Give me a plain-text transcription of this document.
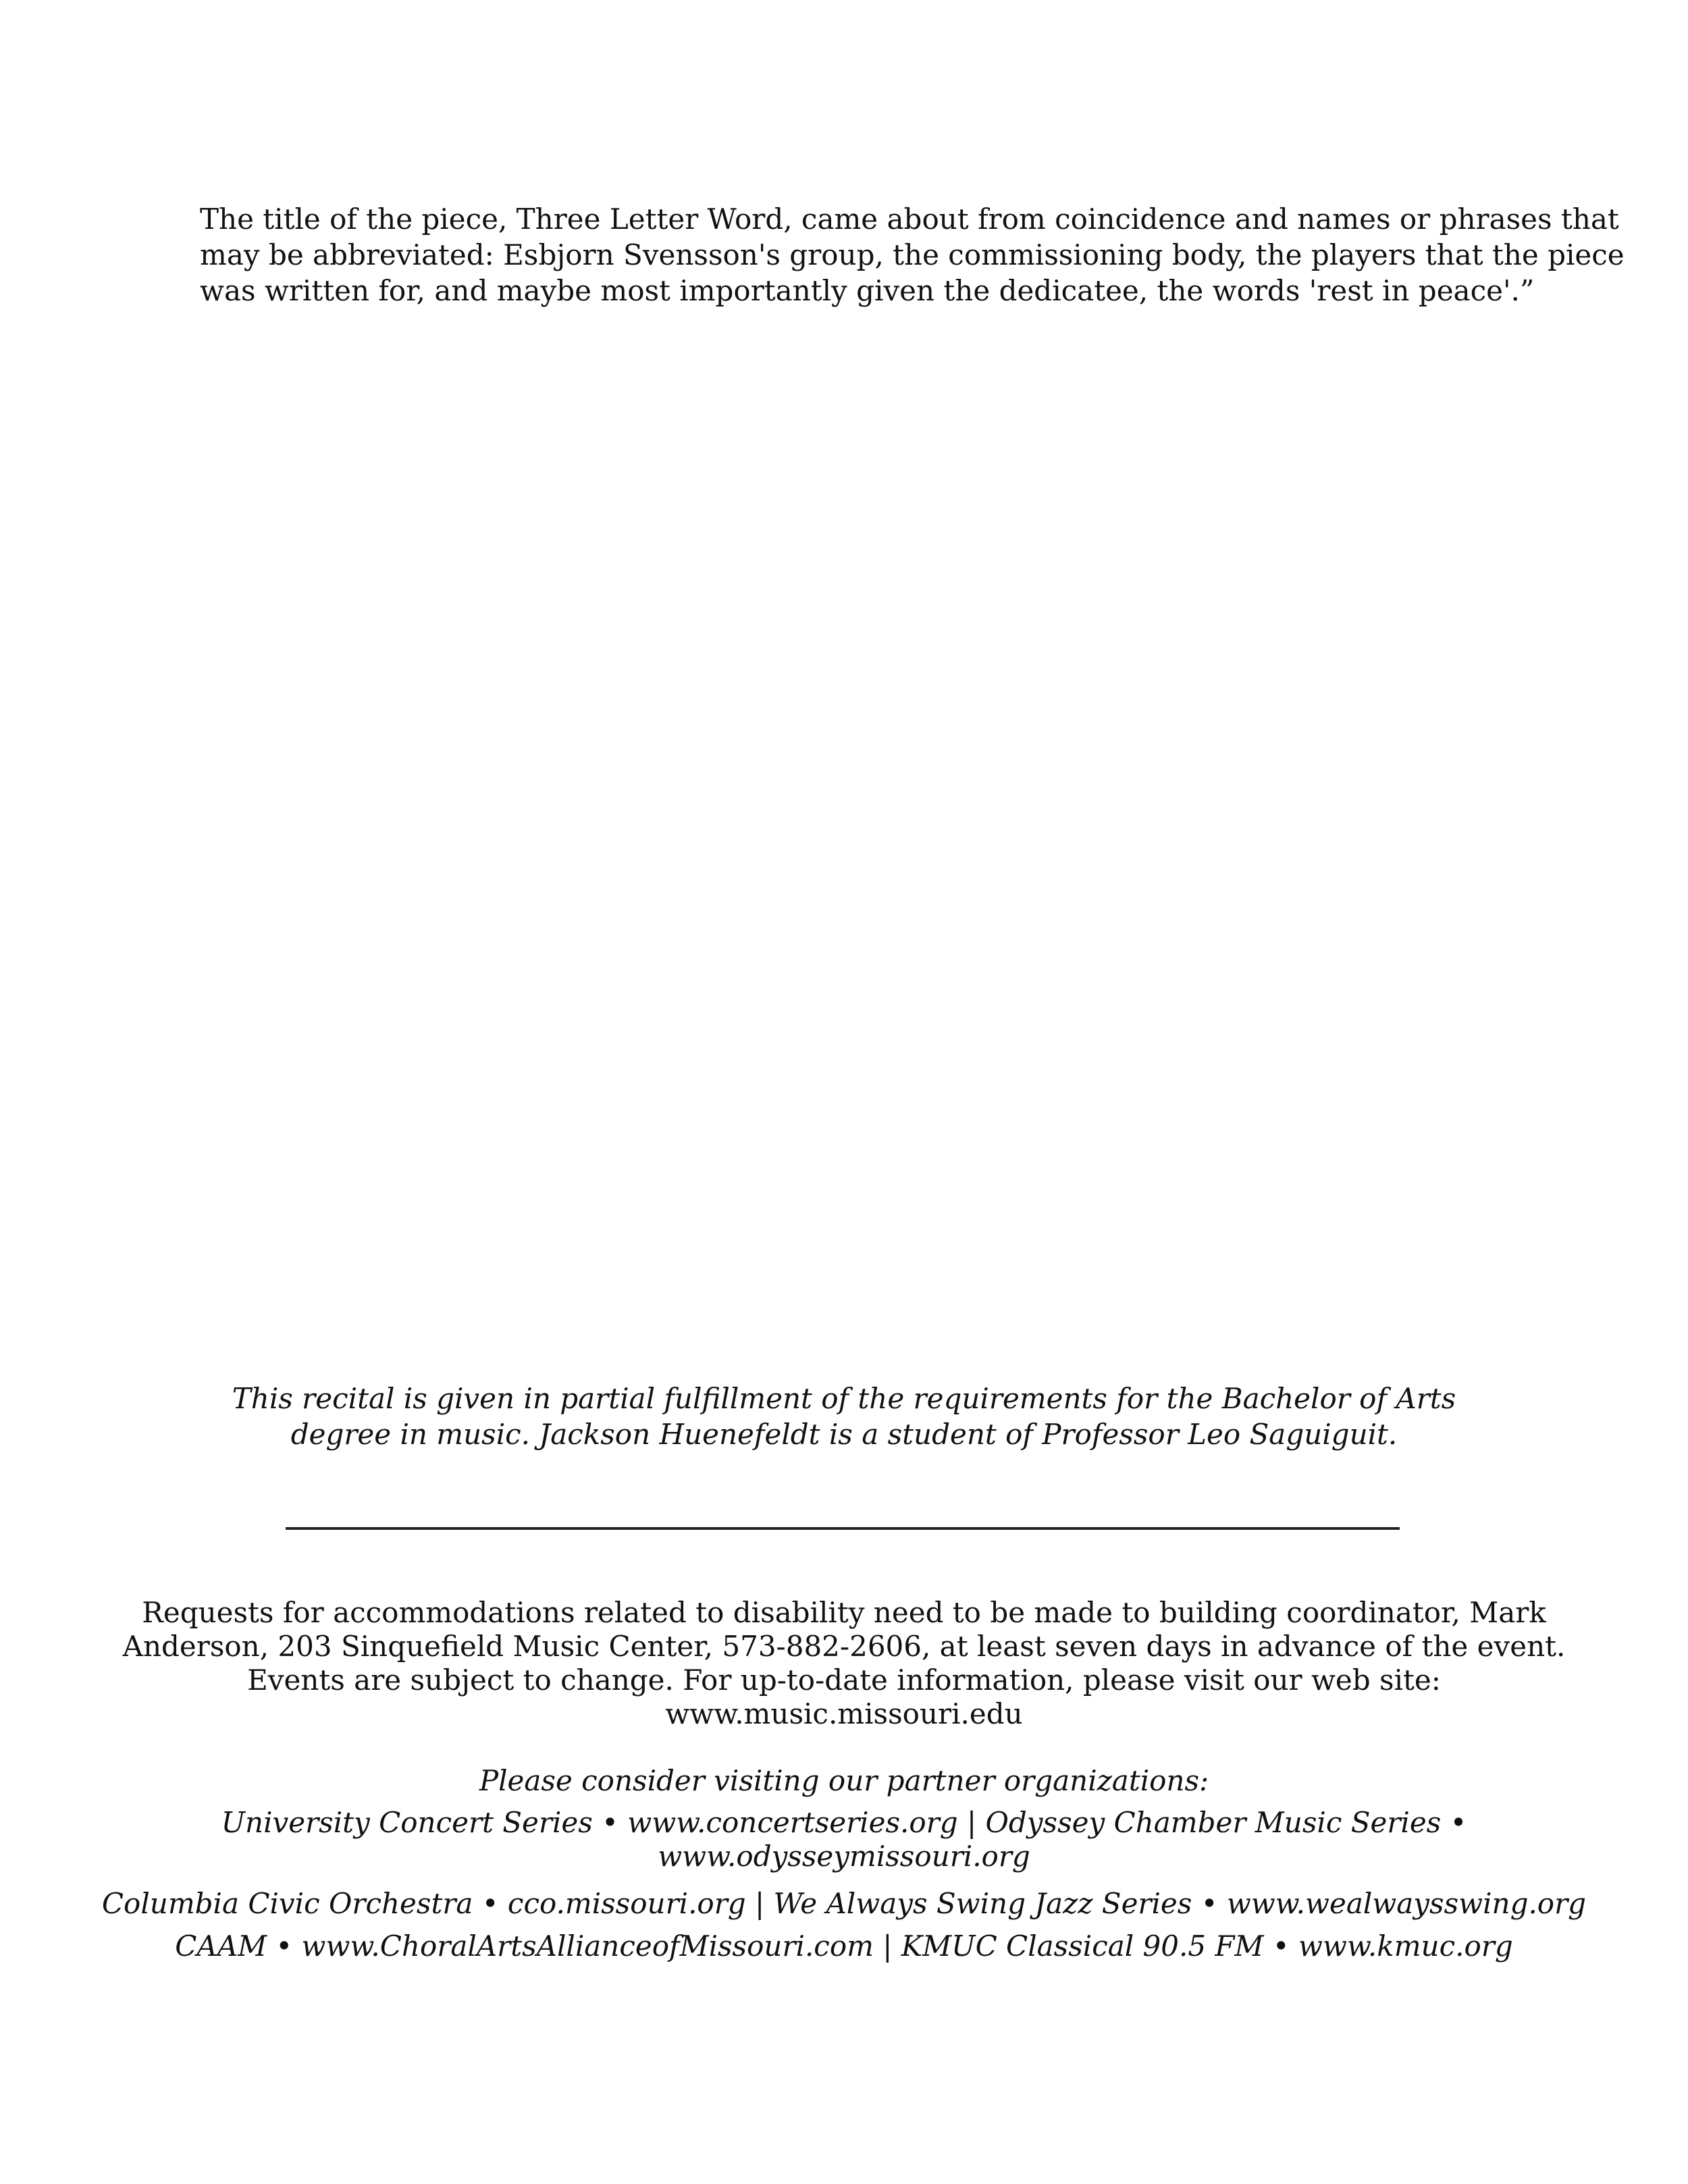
The title of the piece, Three Letter Word, came about from coincidence and names or phrases that
may be abbreviated: Esbjorn Svensson's group, the commissioning body, the players that the piece
was written for, and maybe most importantly given the dedicatee, the words 'rest in peace'.”
This recital is given in partial fulfillment of the requirements for the Bachelor of Arts
degree in music. Jackson Huenefeldt is a student of Professor Leo Saguiguit.
Requests for accommodations related to disability need to be made to building coordinator, Mark
Anderson, 203 Sinquefield Music Center, 573-882-2606, at least seven days in advance of the event.
Events are subject to change. For up-to-date information, please visit our web site:
www.music.missouri.edu
Please consider visiting our partner organizations:
University Concert Series • www.concertseries.org | Odyssey Chamber Music Series •
www.odysseymissouri.org
Columbia Civic Orchestra • cco.missouri.org | We Always Swing Jazz Series • www.wealwaysswing.org
CAAM • www.ChoralArtsAllianceofMissouri.com | KMUC Classical 90.5 FM • www.kmuc.org
